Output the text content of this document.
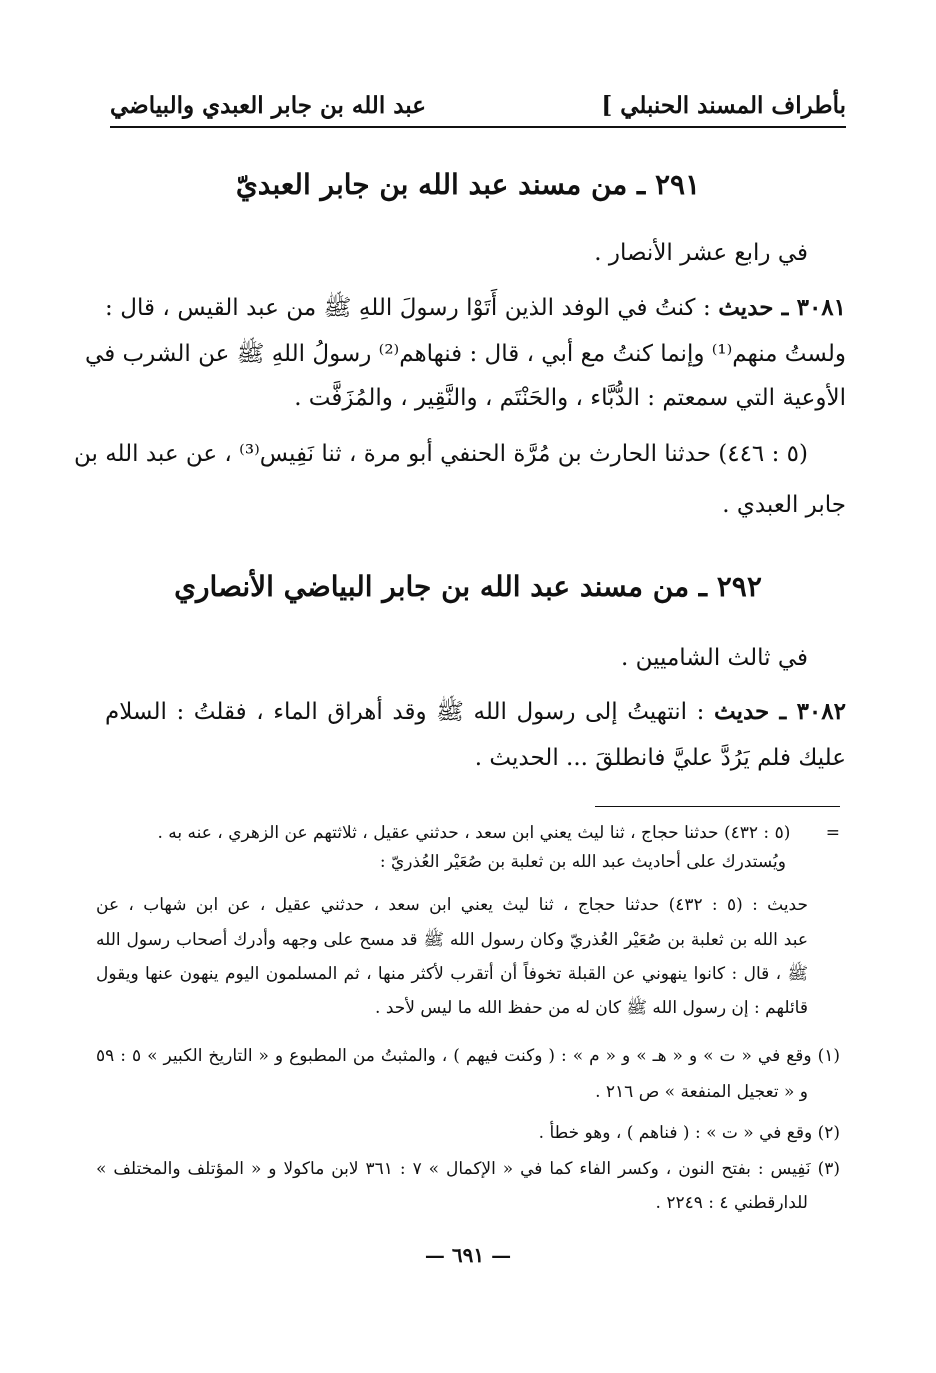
بأطراف المسند الحنبلي ]
عبد الله بن جابر العبدي والبياضي
٢٩١ ـ من مسند عبد الله بن جابر العبديّ
في رابع عشر الأنصار .
٣٠٨١ ـ حديث : كنتُ في الوفد الذين أَتَوْا رسولَ اللهِ ﷺ من عبد القيس ، قال :
ولستُ منهم⁽¹⁾ وإنما كنتُ مع أبي ، قال : فنهاهم⁽²⁾ رسولُ اللهِ ﷺ عن الشرب في
الأوعية التي سمعتم : الدُّبَّاء ، والحَنْتَم ، والنَّقِير ، والمُزَفَّت .
(٥ : ٤٤٦) حدثنا الحارث بن مُرَّة الحنفي أبو مرة ، ثنا نَفِيس⁽³⁾ ، عن عبد الله بن
جابر العبدي .
٢٩٢ ـ من مسند عبد الله بن جابر البياضي الأنصاري
في ثالث الشاميين .
٣٠٨٢ ـ حديث : انتهيتُ إلى رسول الله ﷺ وقد أهراق الماء ، فقلتُ : السلام
عليك فلم يَرُدَّ عليَّ فانطلقَ ... الحديث .
= (٥ : ٤٣٢) حدثنا حجاج ، ثنا ليث يعني ابن سعد ، حدثني عقيل ، ثلاثتهم عن الزهري ، عنه به .
ويُستدرك على أحاديث عبد الله بن ثعلبة بن صُعَيْر العُذريّ :
حديث : (٥ : ٤٣٢) حدثنا حجاج ، ثنا ليث يعني ابن سعد ، حدثني عقيل ، عن ابن شهاب ، عن
عبد الله بن ثعلبة بن صُعَيْر العُذريّ وكان رسول الله ﷺ قد مسح على وجهه وأدرك أصحاب رسول الله
ﷺ ، قال : كانوا ينهوني عن القبلة تخوفاً أن أتقرب لأكثر منها ، ثم المسلمون اليوم ينهون عنها ويقول
قائلهم : إن رسول الله ﷺ كان له من حفظ الله ما ليس لأحد .
(١) وقع في « ت » و « هـ » و « م » : ( وكنت فيهم ) ، والمثبتُ من المطبوع و « التاريخ الكبير » ٥ : ٥٩
و « تعجيل المنفعة » ص ٢١٦ .
(٢) وقع في « ت » : ( فناهم ) ، وهو خطأ .
(٣) نَفِيس : بفتح النون ، وكسر الفاء كما في « الإكمال » ٧ : ٣٦١ لابن ماكولا و « المؤتلف والمختلف »
للدارقطني ٤ : ٢٢٤٩ .
— ٦٩١ —
